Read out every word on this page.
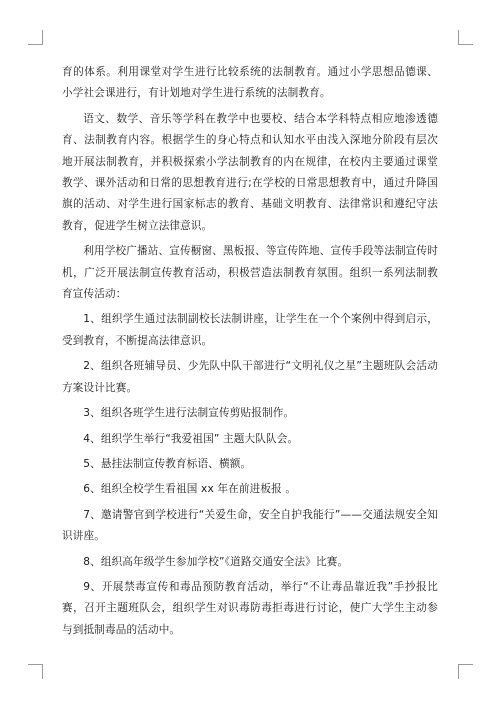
育的体系。利用课堂对学生进行比较系统的法制教育。通过小学思想品德课、小学社会课进行，有计划地对学生进行系统的法制教育。

语文、数学、音乐等学科在教学中也要校、结合本学科特点相应地渗透德育、法制教育内容。根据学生的身心特点和认知水平由浅入深地分阶段有层次地开展法制教育，并积极探索小学法制教育的内在规律，在校内主要通过课堂教学、课外活动和日常的思想教育进行;在学校的日常思想教育中，通过升降国旗的活动、对学生进行国家标志的教育、基础文明教育、法律常识和遵纪守法教育，促进学生树立法律意识。

利用学校广播站、宣传橱窗、黑板报、等宣传阵地、宣传手段等法制宣传时机，广泛开展法制宣传教育活动，积极营造法制教育氛围。组织一系列法制教育宣传活动：

1、组织学生通过法制副校长法制讲座，让学生在一个个案例中得到启示，受到教育，不断提高法律意识。

2、组织各班辅导员、少先队中队干部进行“文明礼仪之星”主题班队会活动方案设计比赛。

3、组织各班学生进行法制宣传剪贴报制作。

4、组织学生举行“我爱祖国” 主题大队队会。

5、悬挂法制宣传教育标语、横额。

6、组织全校学生看祖国 xx 年在前进板报 。

7、邀请警官到学校进行“关爱生命，安全自护我能行”——交通法规安全知识讲座。

8、组织高年级学生参加学校”《道路交通安全法》比赛。

9、开展禁毒宣传和毒品预防教育活动，举行“不让毒品靠近我”手抄报比赛，召开主题班队会，组织学生对识毒防毒拒毒进行讨论，使广大学生主动参与到抵制毒品的活动中。
